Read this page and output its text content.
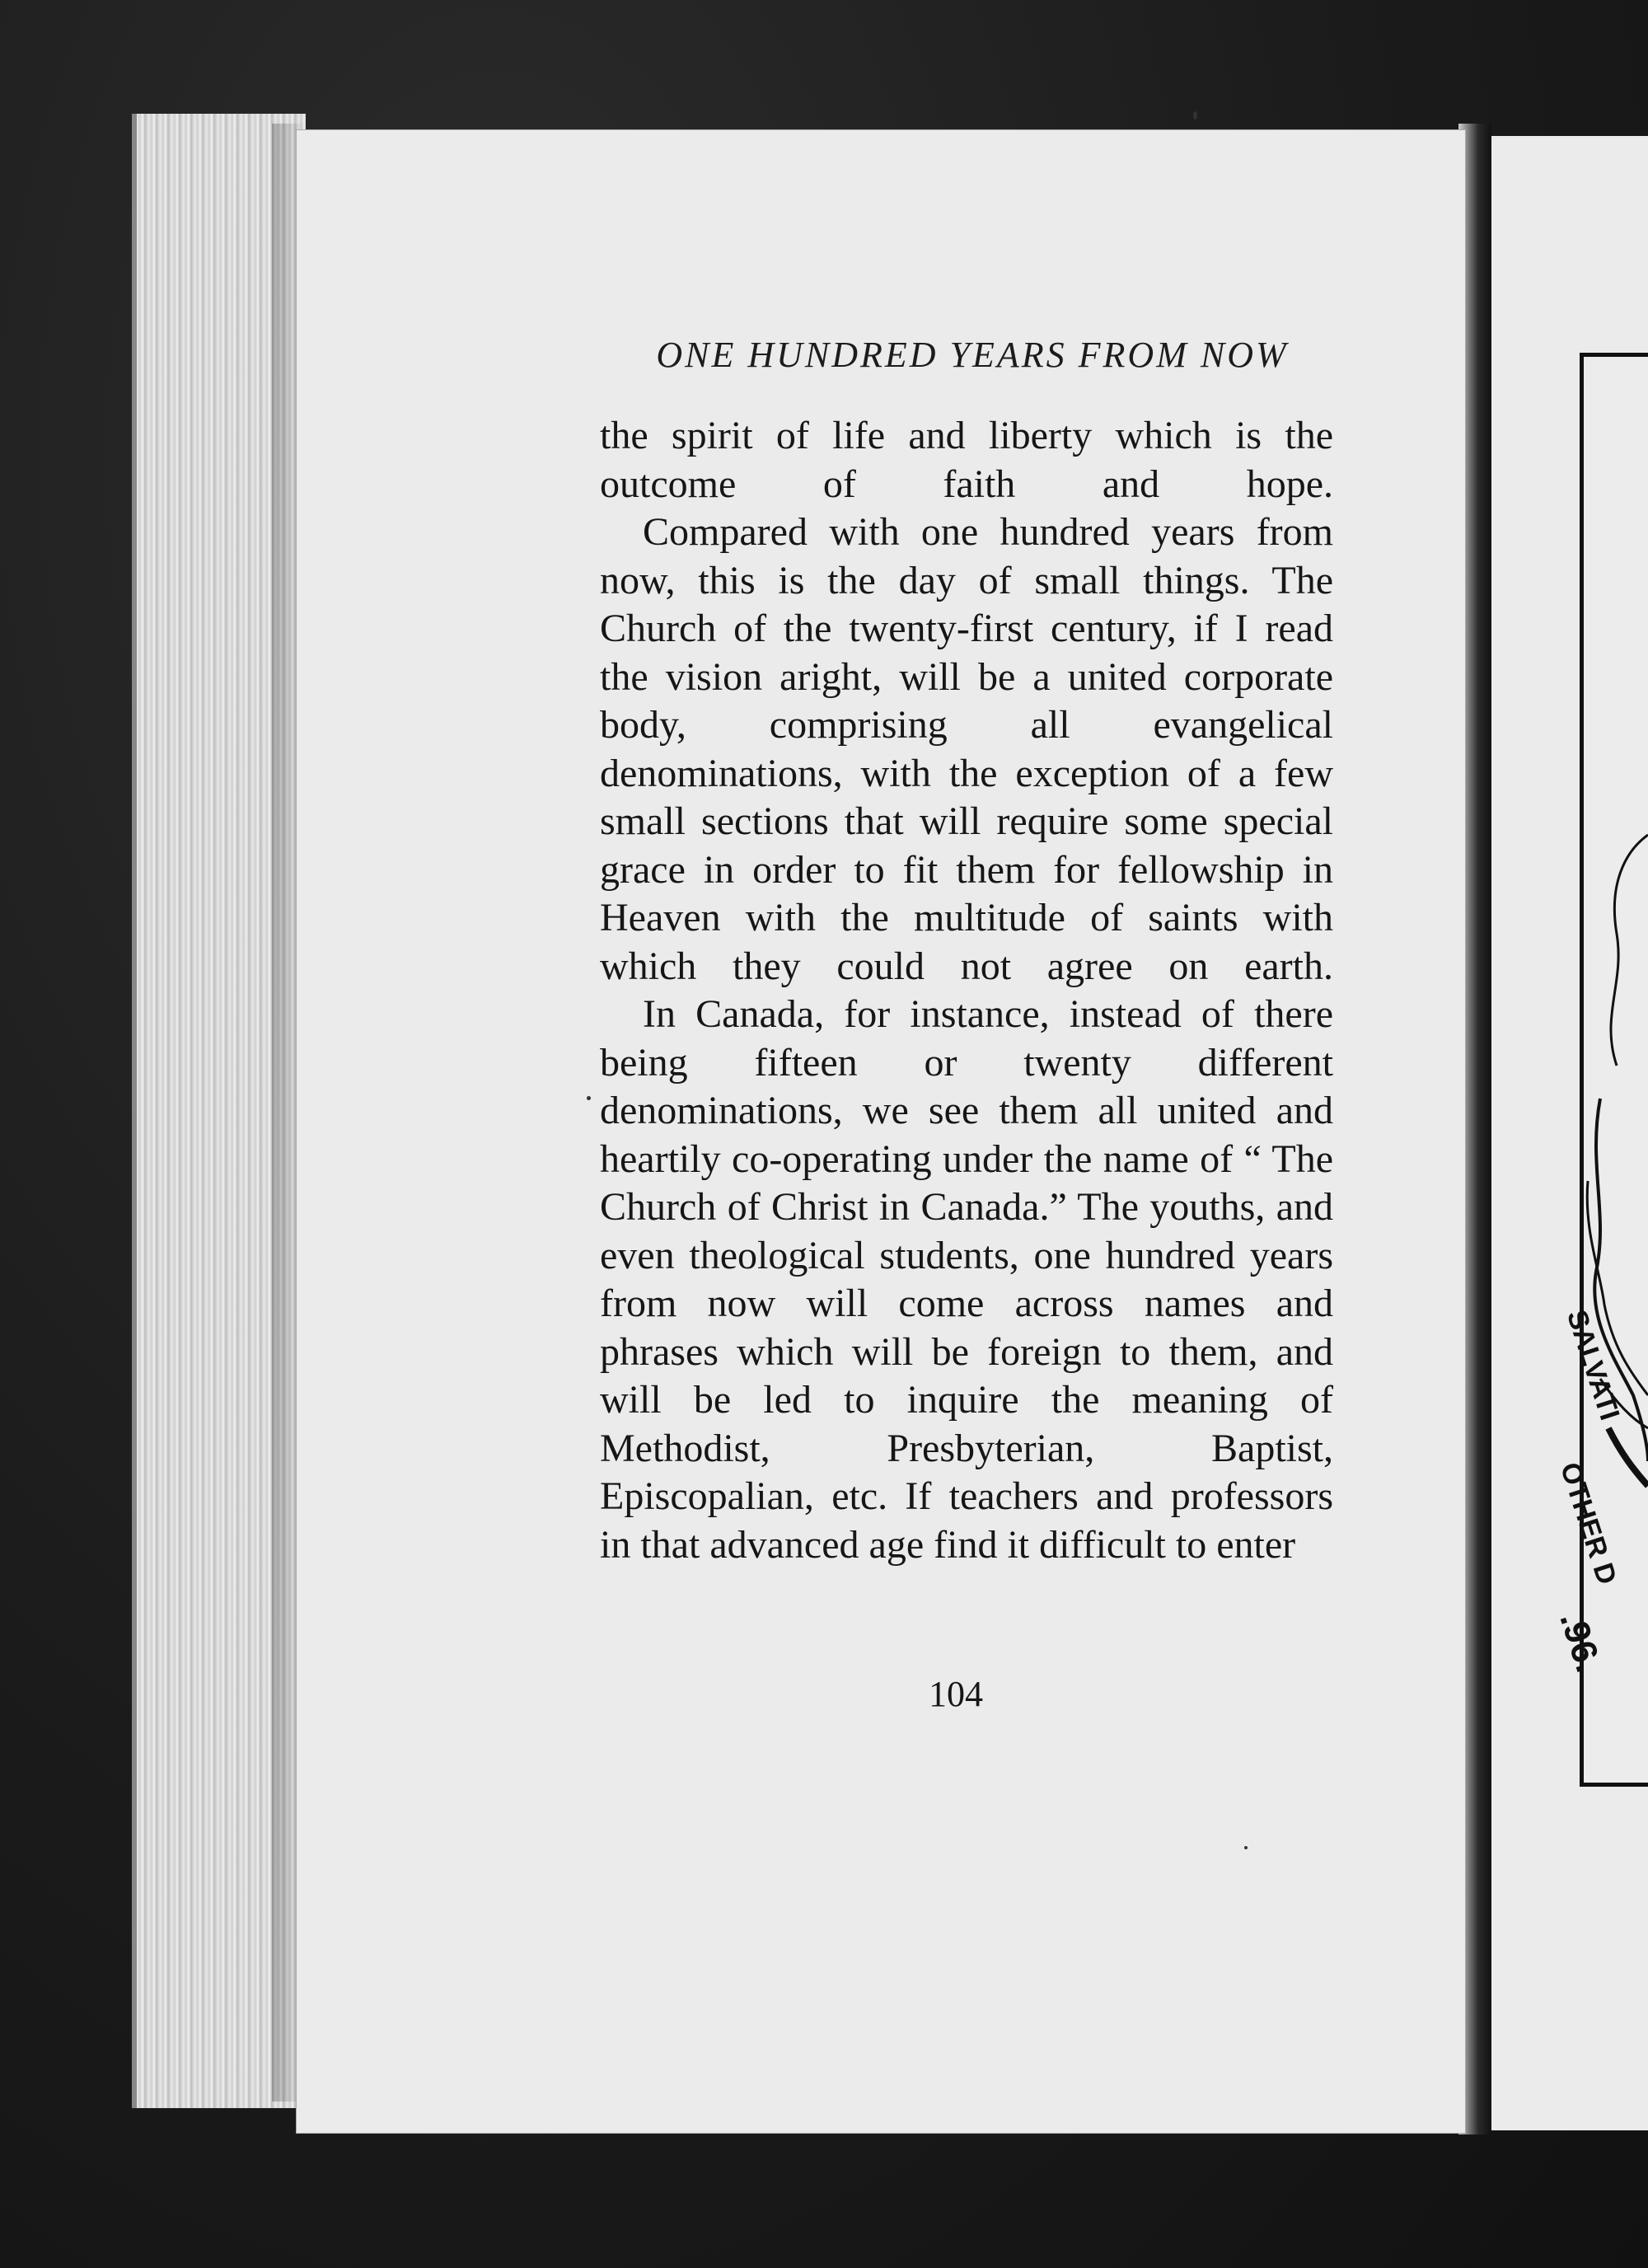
SALVATI
OTHER D
.96.
ONE HUNDRED YEARS FROM NOW

the spirit of life and liberty which is the outcome of faith and hope.

Compared with one hundred years from now, this is the day of small things. The Church of the twenty-first century, if I read the vision aright, will be a united corporate body, comprising all evangelical denominations, with the exception of a few small sections that will require some special grace in order to fit them for fellowship in Heaven with the multitude of saints with which they could not agree on earth.

In Canada, for instance, instead of there being fifteen or twenty different denominations, we see them all united and heartily co-operating under the name of “ The Church of Christ in Canada.” The youths, and even theological students, one hundred years from now will come across names and phrases which will be foreign to them, and will be led to inquire the meaning of Methodist, Presbyterian, Baptist, Episcopalian, etc. If teachers and professors in that advanced age find it difficult to enter

104
